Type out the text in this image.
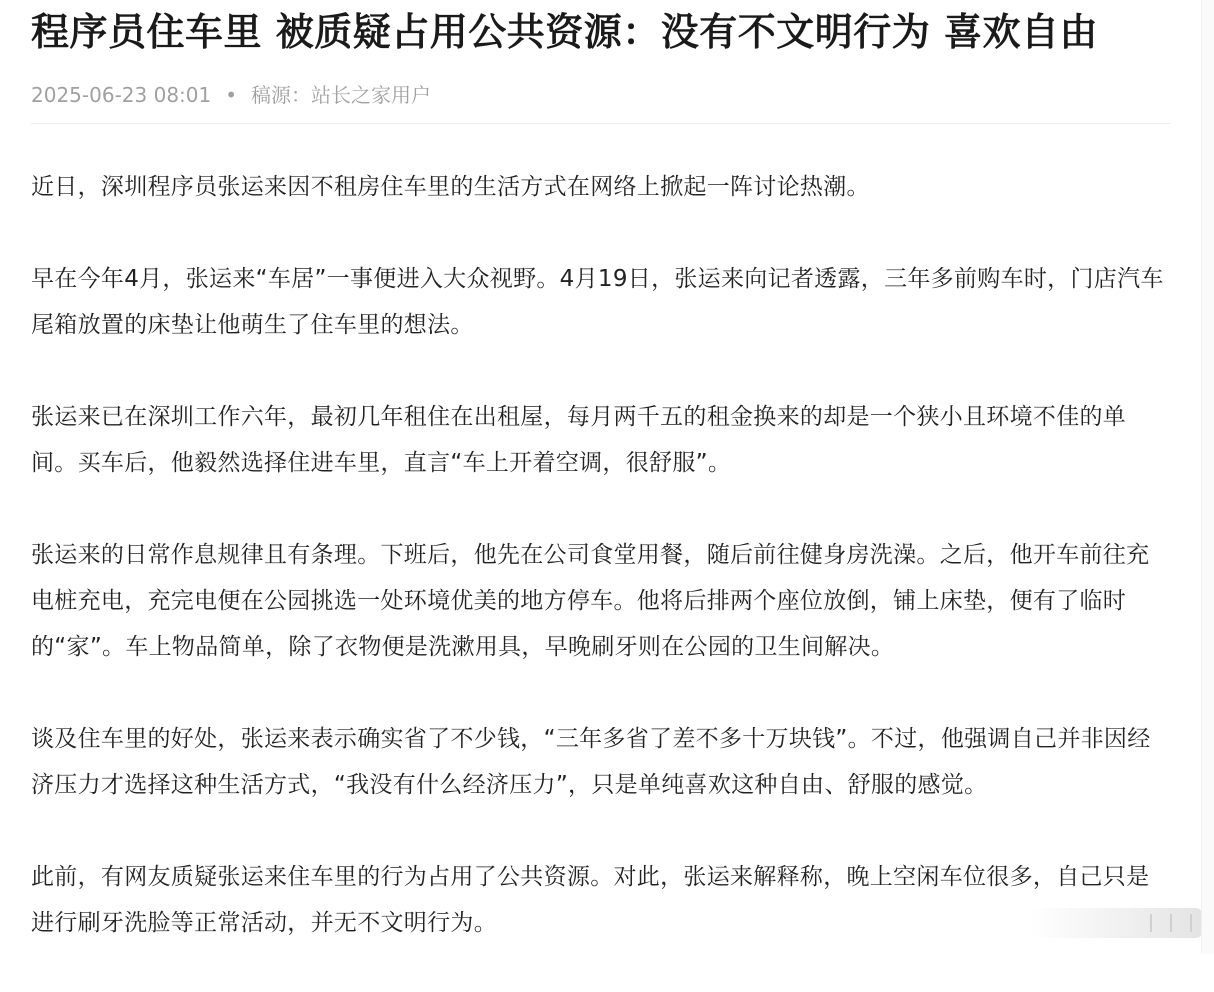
程序员住车里 被质疑占用公共资源：没有不文明行为 喜欢自由
2025-06-23 08:01 • 稿源：站长之家用户

近日，深圳程序员张运来因不租房住车里的生活方式在网络上掀起一阵讨论热潮。

早在今年4月，张运来“车居”一事便进入大众视野。4月19日，张运来向记者透露，三年多前购车时，门店汽车尾箱放置的床垫让他萌生了住车里的想法。

张运来已在深圳工作六年，最初几年租住在出租屋，每月两千五的租金换来的却是一个狭小且环境不佳的单间。买车后，他毅然选择住进车里，直言“车上开着空调，很舒服”。

张运来的日常作息规律且有条理。下班后，他先在公司食堂用餐，随后前往健身房洗澡。之后，他开车前往充电桩充电，充完电便在公园挑选一处环境优美的地方停车。他将后排两个座位放倒，铺上床垫，便有了临时的“家”。车上物品简单，除了衣物便是洗漱用具，早晚刷牙则在公园的卫生间解决。

谈及住车里的好处，张运来表示确实省了不少钱，“三年多省了差不多十万块钱”。不过，他强调自己并非因经济压力才选择这种生活方式，“我没有什么经济压力”，只是单纯喜欢这种自由、舒服的感觉。

此前，有网友质疑张运来住车里的行为占用了公共资源。对此，张运来解释称，晚上空闲车位很多，自己只是进行刷牙洗脸等正常活动，并无不文明行为。
